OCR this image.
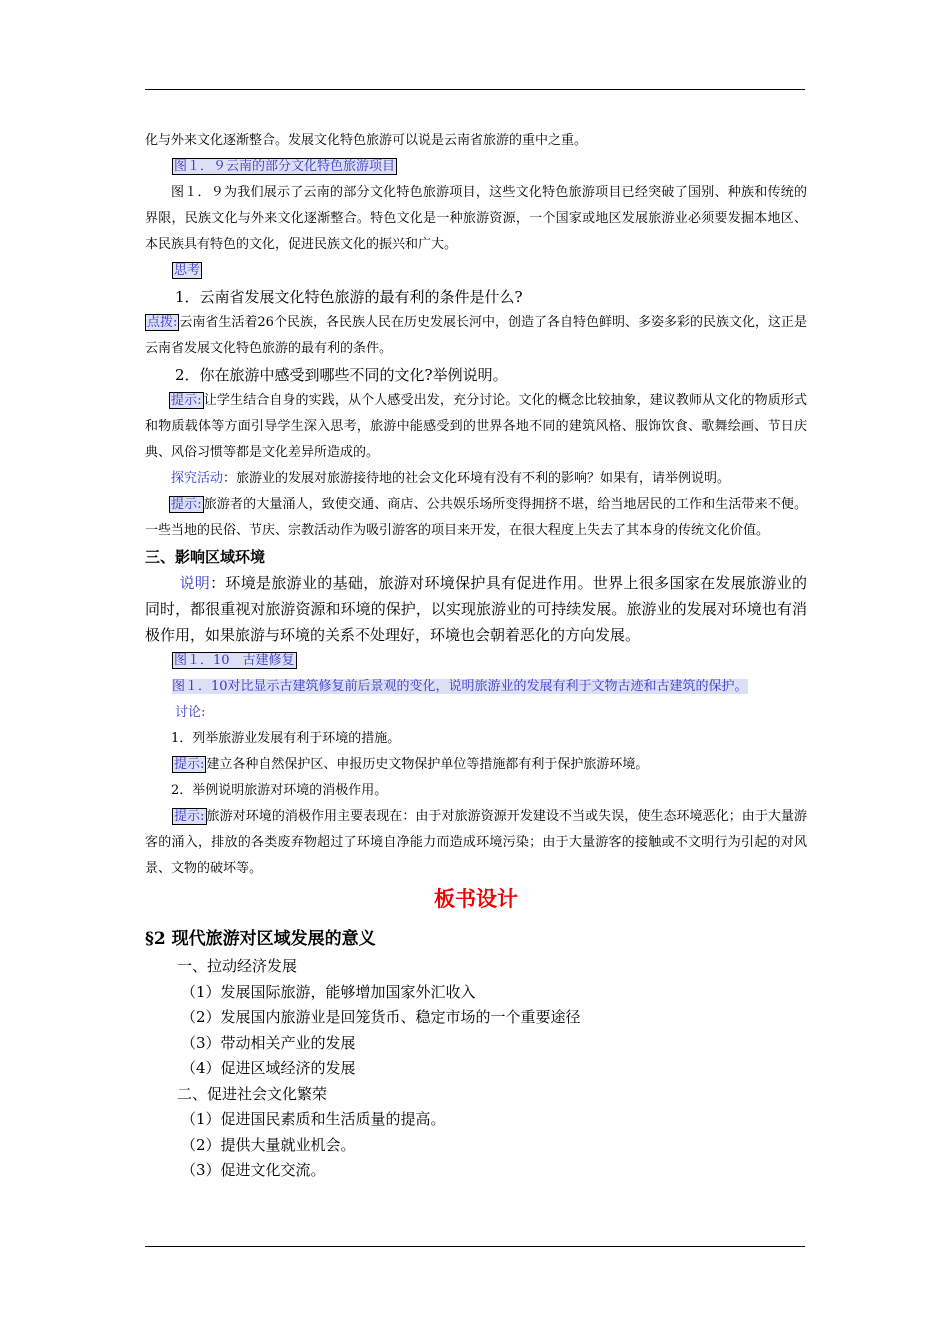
化与外来文化逐渐整合。发展文化特色旅游可以说是云南省旅游的重中之重。

图１．９云南的部分文化特色旅游项目

图１．９为我们展示了云南的部分文化特色旅游项目，这些文化特色旅游项目已经突破了国别、种族和传统的界限，民族文化与外来文化逐渐整合。特色文化是一种旅游资源，一个国家或地区发展旅游业必须要发掘本地区、本民族具有特色的文化，促进民族文化的振兴和广大。

思考

1．云南省发展文化特色旅游的最有利的条件是什么?

点拨: 云南省生活着26个民族，各民族人民在历史发展长河中，创造了各自特色鲜明、多姿多彩的民族文化，这正是云南省发展文化特色旅游的最有利的条件。

2．你在旅游中感受到哪些不同的文化?举例说明。

提示: 让学生结合自身的实践，从个人感受出发，充分讨论。文化的概念比较抽象，建议教师从文化的物质形式和物质载体等方面引导学生深入思考，旅游中能感受到的世界各地不同的建筑风格、服饰饮食、歌舞绘画、节日庆典、风俗习惯等都是文化差异所造成的。

探究活动：旅游业的发展对旅游接待地的社会文化环境有没有不利的影响？如果有，请举例说明。

提示: 旅游者的大量涌人，致使交通、商店、公共娱乐场所变得拥挤不堪，给当地居民的工作和生活带来不便。一些当地的民俗、节庆、宗教活动作为吸引游客的项目来开发，在很大程度上失去了其本身的传统文化价值。

三、影响区域环境

说明：环境是旅游业的基础，旅游对环境保护具有促进作用。世界上很多国家在发展旅游业的同时，都很重视对旅游资源和环境的保护，以实现旅游业的可持续发展。旅游业的发展对环境也有消极作用，如果旅游与环境的关系不处理好，环境也会朝着恶化的方向发展。

图１．10　古建修复

图１．10对比显示古建筑修复前后景观的变化，说明旅游业的发展有利于文物古迹和古建筑的保护。

讨论:

1．列举旅游业发展有利于环境的措施。

提示: 建立各种自然保护区、申报历史文物保护单位等措施都有利于保护旅游环境。

2．举例说明旅游对环境的消极作用。

提示: 旅游对环境的消极作用主要表现在：由于对旅游资源开发建设不当或失误，使生态环境恶化；由于大量游客的涌入，排放的各类废弃物超过了环境自净能力而造成环境污染；由于大量游客的接触或不文明行为引起的对风景、文物的破坏等。

板书设计

§2 现代旅游对区域发展的意义

一、拉动经济发展

（1）发展国际旅游，能够增加国家外汇收入

（2）发展国内旅游业是回笼货币、稳定市场的一个重要途径

（3）带动相关产业的发展

（4）促进区域经济的发展

二、促进社会文化繁荣

（1）促进国民素质和生活质量的提高。

（2）提供大量就业机会。

（3）促进文化交流。
